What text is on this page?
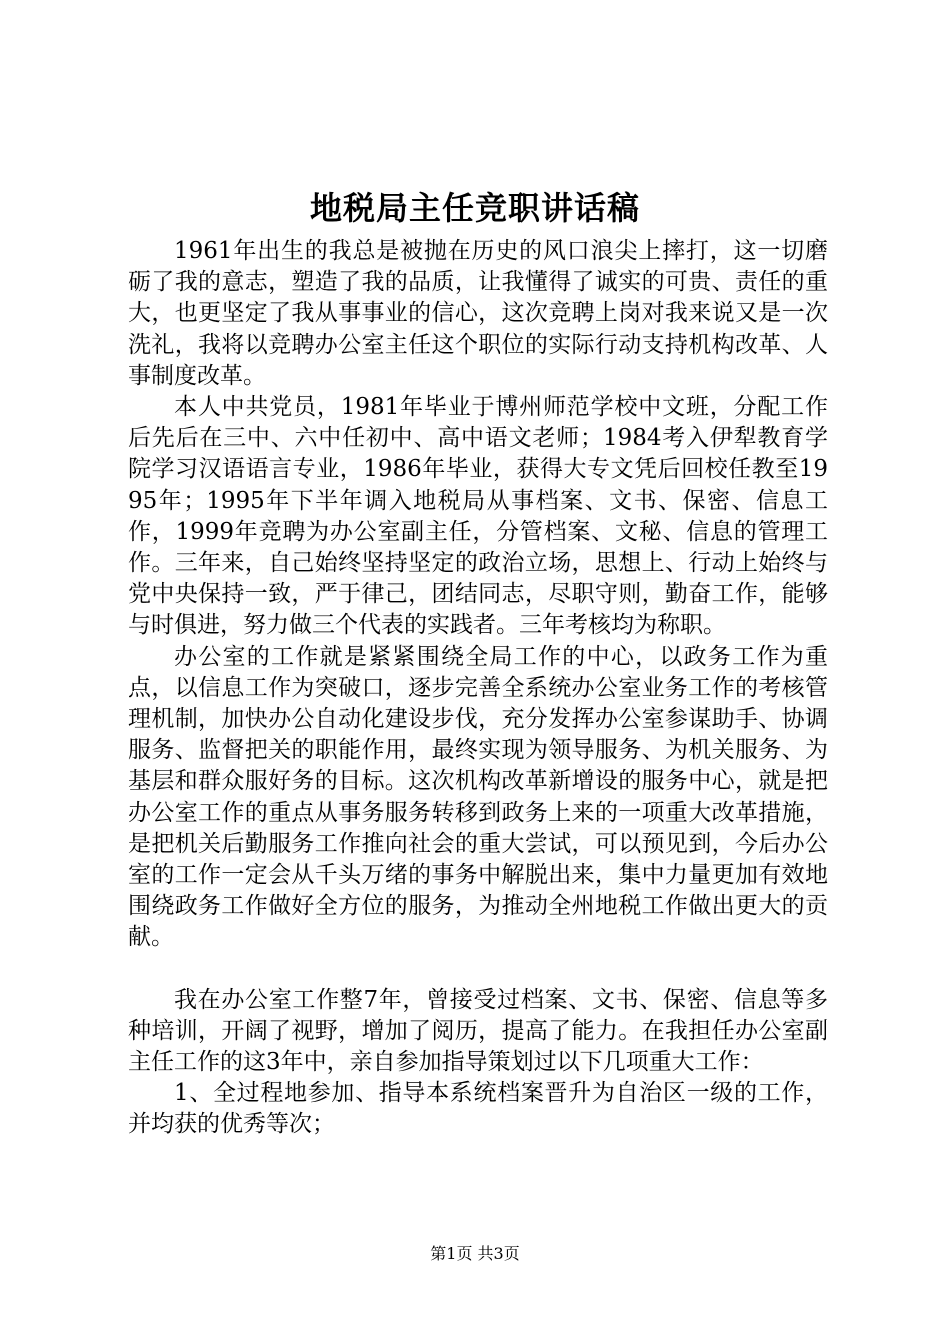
地税局主任竞职讲话稿

1961年出生的我总是被抛在历史的风口浪尖上摔打，这一切磨砺了我的意志，塑造了我的品质，让我懂得了诚实的可贵、责任的重大，也更坚定了我从事事业的信心，这次竞聘上岗对我来说又是一次洗礼，我将以竞聘办公室主任这个职位的实际行动支持机构改革、人事制度改革。

本人中共党员，1981年毕业于博州师范学校中文班，分配工作后先后在三中、六中任初中、高中语文老师；1984考入伊犁教育学院学习汉语语言专业，1986年毕业，获得大专文凭后回校任教至1995年；1995年下半年调入地税局从事档案、文书、保密、信息工作，1999年竞聘为办公室副主任，分管档案、文秘、信息的管理工作。三年来，自己始终坚持坚定的政治立场，思想上、行动上始终与党中央保持一致，严于律己，团结同志，尽职守则，勤奋工作，能够与时俱进，努力做三个代表的实践者。三年考核均为称职。

办公室的工作就是紧紧围绕全局工作的中心，以政务工作为重点，以信息工作为突破口，逐步完善全系统办公室业务工作的考核管理机制，加快办公自动化建设步伐，充分发挥办公室参谋助手、协调服务、监督把关的职能作用，最终实现为领导服务、为机关服务、为基层和群众服好务的目标。这次机构改革新增设的服务中心，就是把办公室工作的重点从事务服务转移到政务上来的一项重大改革措施，是把机关后勤服务工作推向社会的重大尝试，可以预见到，今后办公室的工作一定会从千头万绪的事务中解脱出来，集中力量更加有效地围绕政务工作做好全方位的服务，为推动全州地税工作做出更大的贡献。

我在办公室工作整7年，曾接受过档案、文书、保密、信息等多种培训，开阔了视野，增加了阅历，提高了能力。在我担任办公室副主任工作的这3年中，亲自参加指导策划过以下几项重大工作：

1、全过程地参加、指导本系统档案晋升为自治区一级的工作，并均获的优秀等次；

第1页 共3页
